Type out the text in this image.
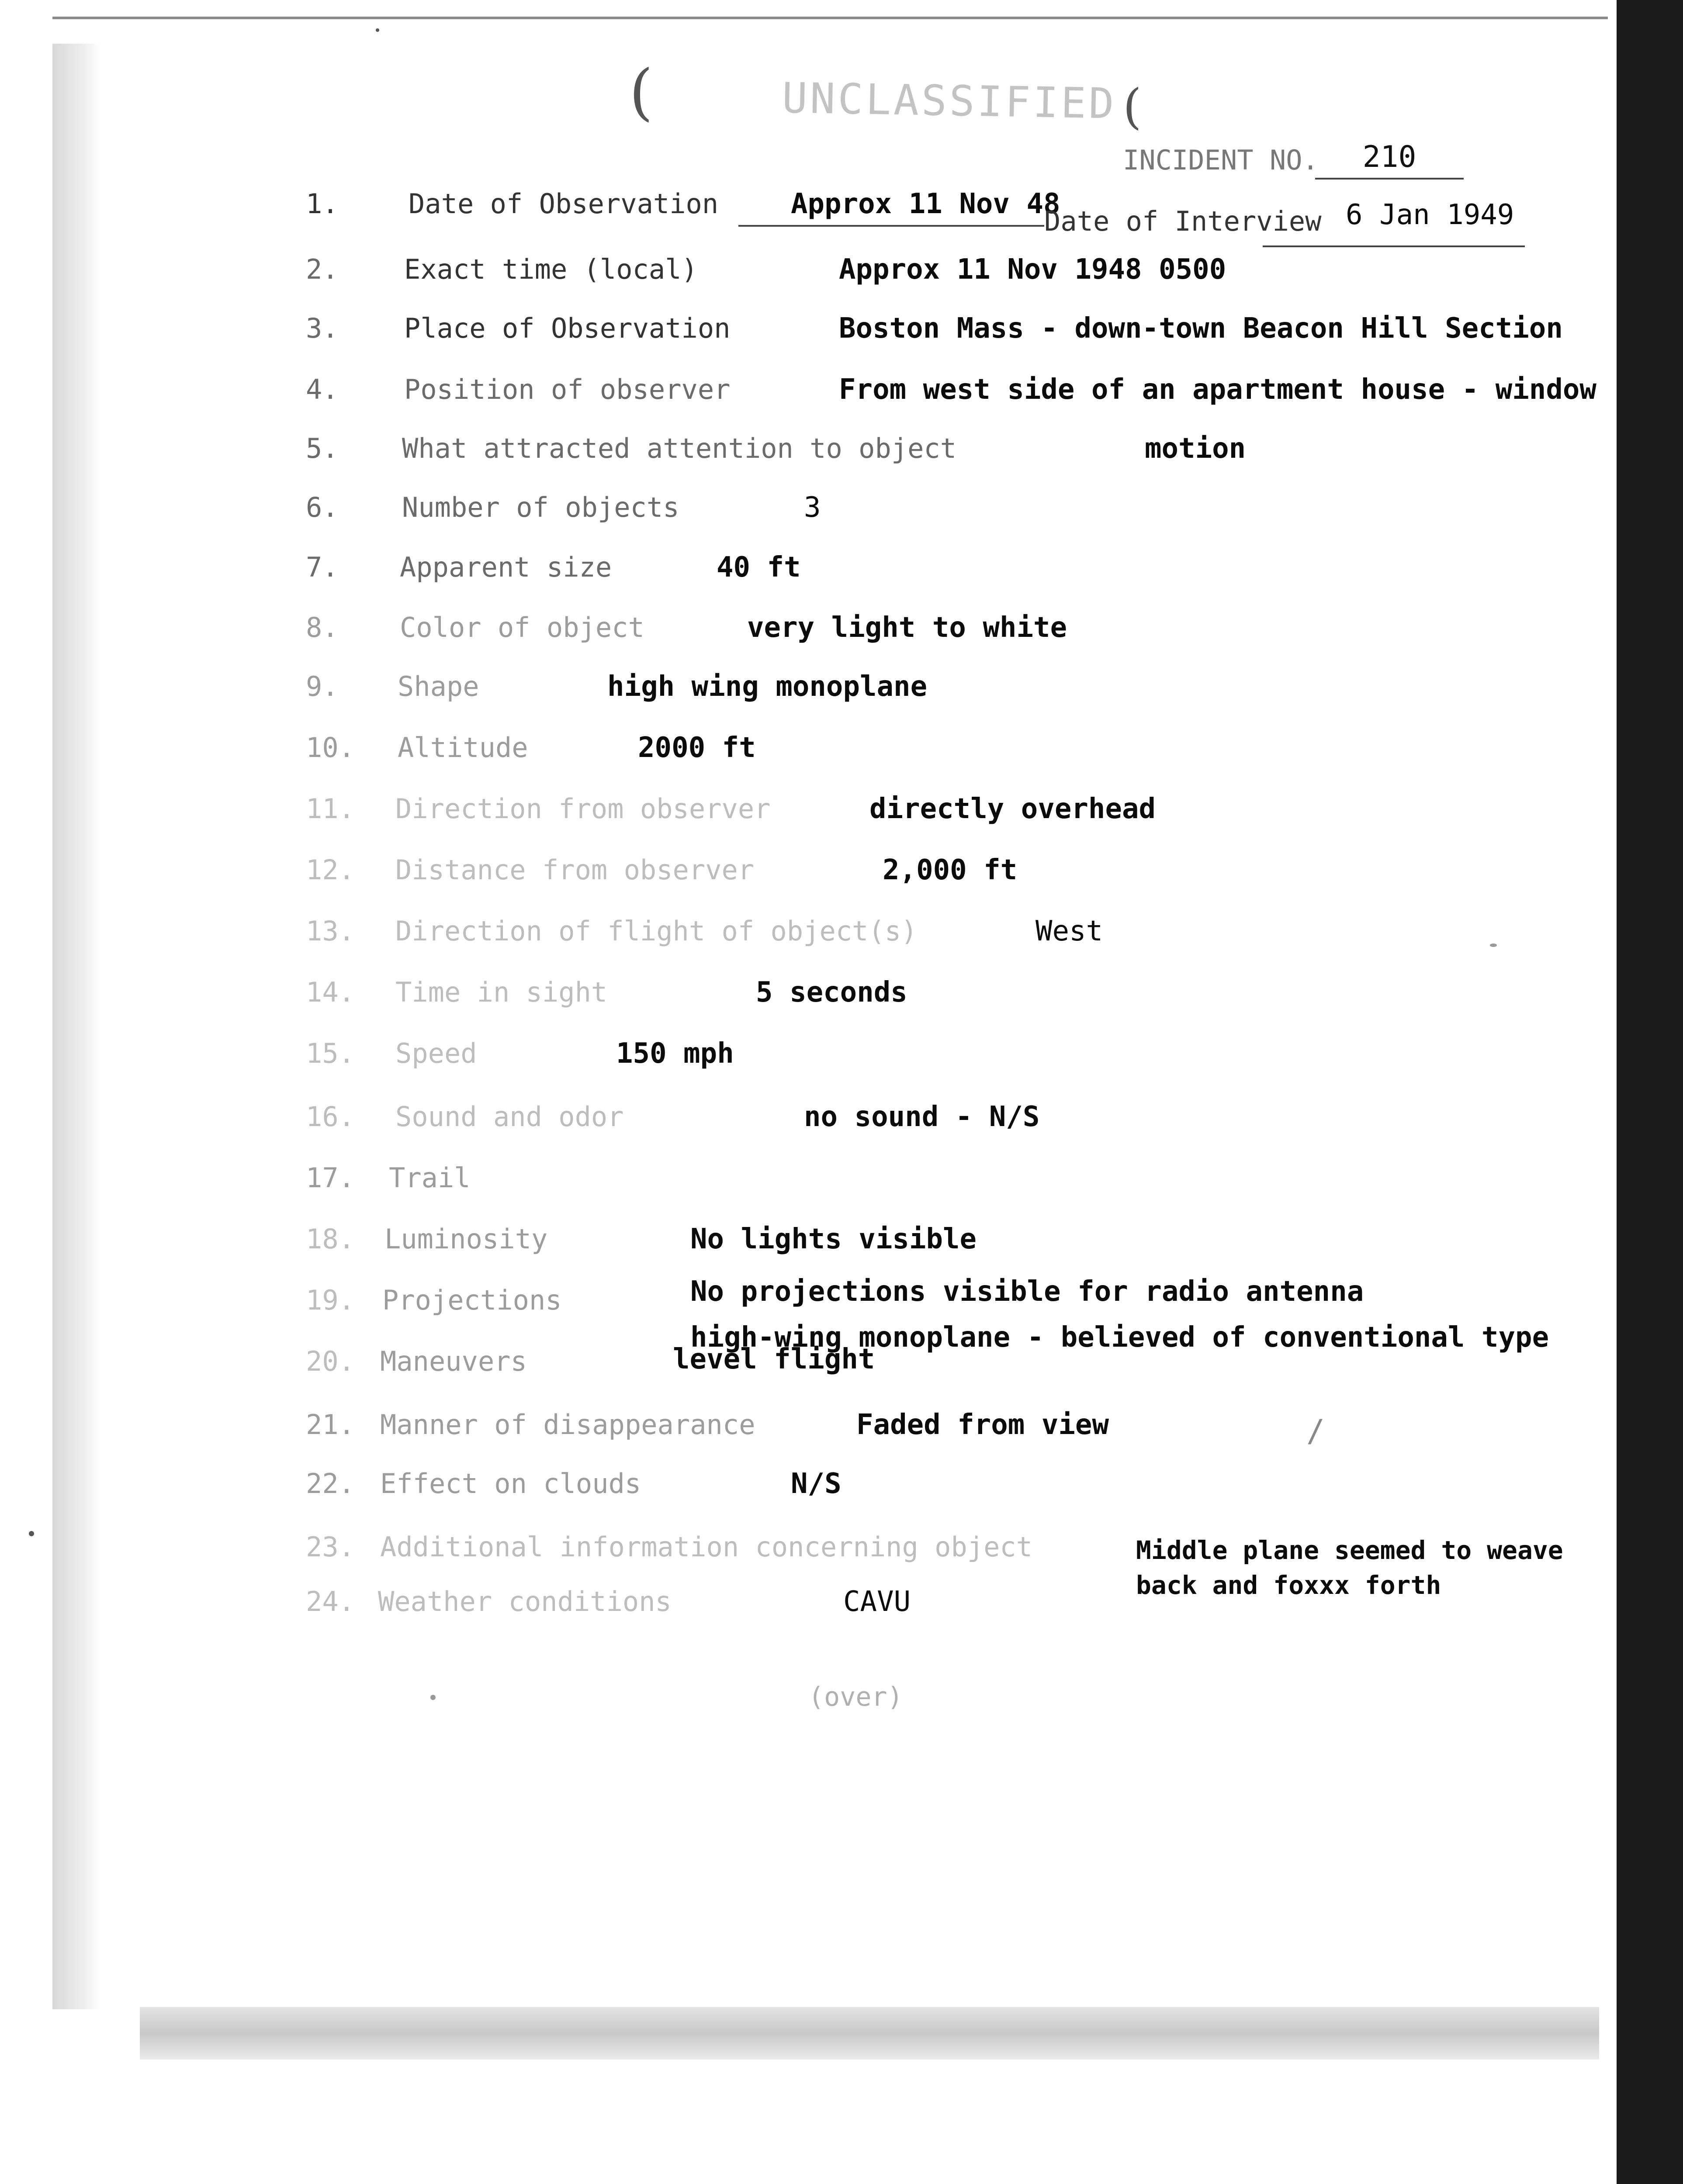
(	(
UNCLASSIFIED
INCIDENT NO.	210
1.	Date of Observation	Approx 11 Nov 48
Date of Interview 6 Jan 1949
2.	Exact time (local)	Approx 11 Nov 1948 0500
3.	Place of Observation	Boston Mass - down-town Beacon Hill Section
4.	Position of observer	From west side of an apartment house - window
5.	What attracted attention to object	motion
6.	Number of objects	3
7.	Apparent size	40 ft
8.	Color of object	very light to white
9.	Shape	high wing monoplane
10.	Altitude	2000 ft
11.	Direction from observer	directly overhead
12.	Distance from observer	2,000 ft
13.	Direction of flight of object(s)	West
14.	Time in sight	5 seconds
15.	Speed	150 mph
16.	Sound and odor	no sound - N/S
17.	Trail
18.	Luminosity	No lights visible
19.	Projections	No projections visible for radio antenna
high-wing monoplane - believed of conventional type
20. Maneuvers	level flight
21. Manner of disappearance	Faded from view	/
22. Effect on clouds	N/S
23. Additional information concerning object	Middle plane seemed to weave
back and foxxx forth
24. Weather conditions	CAVU
(over)
